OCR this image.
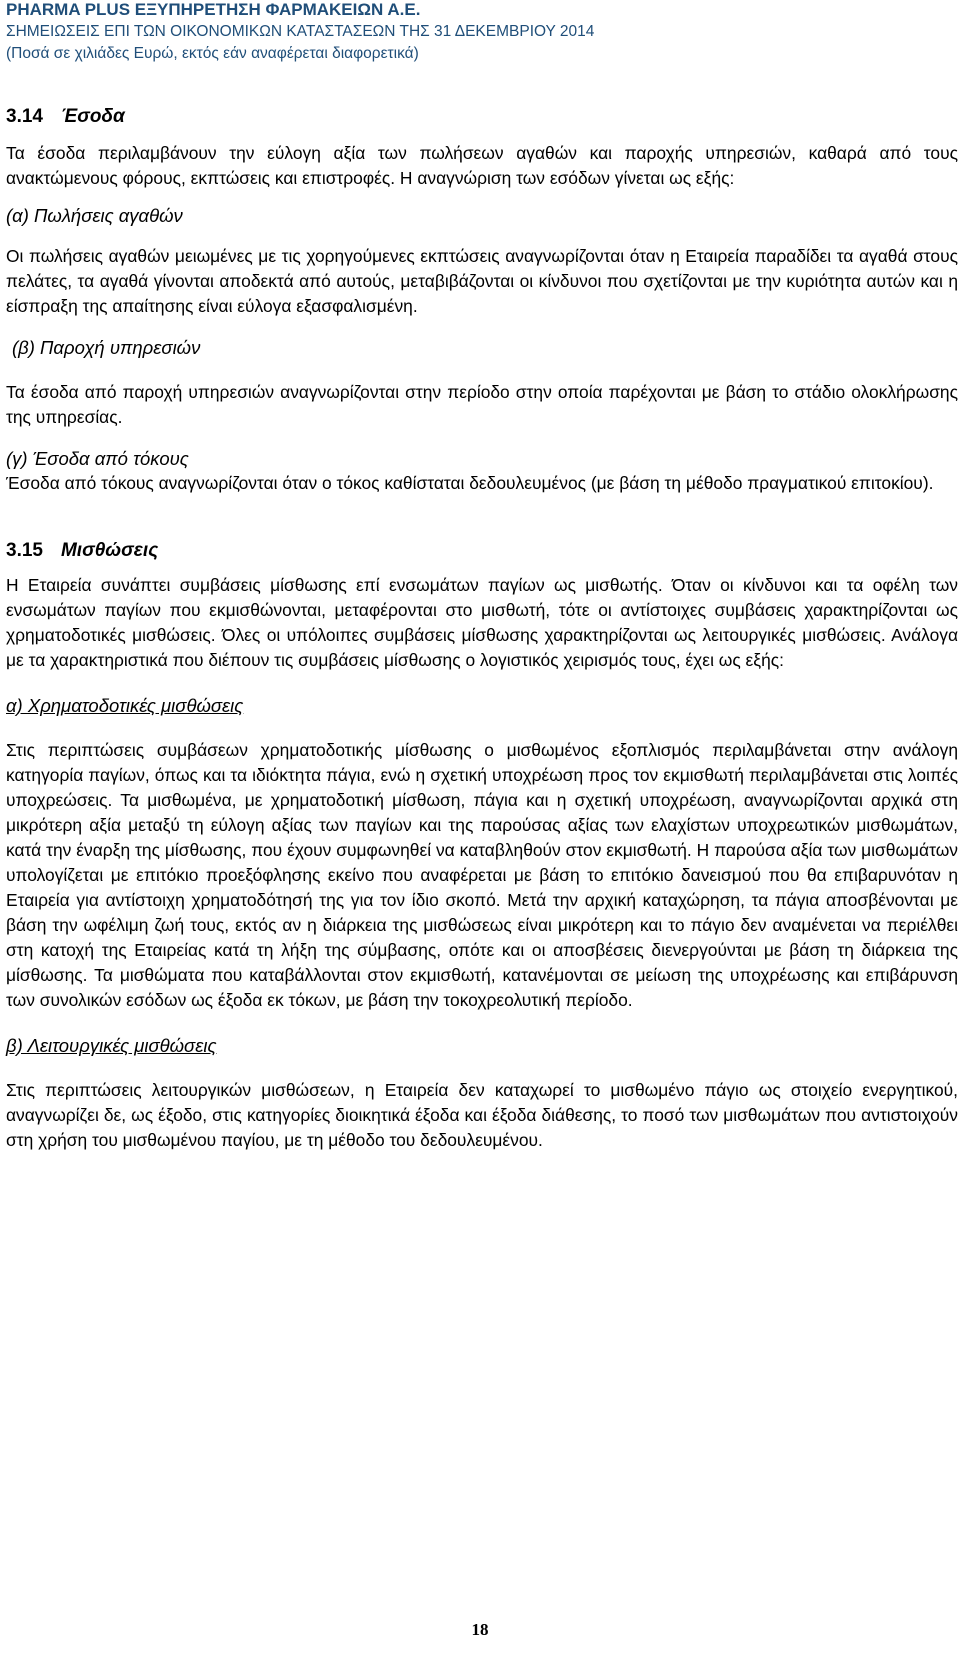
PHARMA PLUS ΕΞΥΠΗΡΕΤΗΣΗ ΦΑΡΜΑΚΕΙΩΝ Α.Ε.
ΣΗΜΕΙΩΣΕΙΣ ΕΠΙ ΤΩΝ ΟΙΚΟΝΟΜΙΚΩΝ ΚΑΤΑΣΤΑΣΕΩΝ ΤΗΣ 31 ΔΕΚΕΜΒΡΙΟΥ 2014
(Ποσά σε χιλιάδες Ευρώ, εκτός εάν αναφέρεται διαφορετικά)
3.14 Έσοδα

Τα έσοδα περιλαμβάνουν την εύλογη αξία των πωλήσεων αγαθών και παροχής υπηρεσιών, καθαρά από τους ανακτώμενους φόρους, εκπτώσεις και επιστροφές. Η αναγνώριση των εσόδων γίνεται ως εξής:

(α) Πωλήσεις αγαθών

Οι πωλήσεις αγαθών μειωμένες με τις χορηγούμενες εκπτώσεις αναγνωρίζονται όταν η Εταιρεία παραδίδει τα αγαθά στους πελάτες, τα αγαθά γίνονται αποδεκτά από αυτούς, μεταβιβάζονται οι κίνδυνοι που σχετίζονται με την κυριότητα αυτών και η είσπραξη της απαίτησης είναι εύλογα εξασφαλισμένη.

(β) Παροχή υπηρεσιών

Τα έσοδα από παροχή υπηρεσιών αναγνωρίζονται στην περίοδο στην οποία παρέχονται με βάση το στάδιο ολοκλήρωσης της υπηρεσίας.

(γ) Έσοδα από τόκους

Έσοδα από τόκους αναγνωρίζονται όταν ο τόκος καθίσταται δεδουλευμένος (με βάση τη μέθοδο πραγματικού επιτοκίου).

3.15 Μισθώσεις

Η Εταιρεία συνάπτει συμβάσεις μίσθωσης επί ενσωμάτων παγίων ως μισθωτής. Όταν οι κίνδυνοι και τα οφέλη των ενσωμάτων παγίων που εκμισθώνονται, μεταφέρονται στο μισθωτή, τότε οι αντίστοιχες συμβάσεις χαρακτηρίζονται ως χρηματοδοτικές μισθώσεις. Όλες οι υπόλοιπες συμβάσεις μίσθωσης χαρακτηρίζονται ως λειτουργικές μισθώσεις. Ανάλογα με τα χαρακτηριστικά που διέπουν τις συμβάσεις μίσθωσης ο λογιστικός χειρισμός τους, έχει ως εξής:

α) Χρηματοδοτικές μισθώσεις

Στις περιπτώσεις συμβάσεων χρηματοδοτικής μίσθωσης ο μισθωμένος εξοπλισμός περιλαμβάνεται στην ανάλογη κατηγορία παγίων, όπως και τα ιδιόκτητα πάγια, ενώ η σχετική υποχρέωση προς τον εκμισθωτή περιλαμβάνεται στις λοιπές υποχρεώσεις. Τα μισθωμένα, με χρηματοδοτική μίσθωση, πάγια και η σχετική υποχρέωση, αναγνωρίζονται αρχικά στη μικρότερη αξία μεταξύ τη εύλογη αξίας των παγίων και της παρούσας αξίας των ελαχίστων υποχρεωτικών μισθωμάτων, κατά την έναρξη της μίσθωσης, που έχουν συμφωνηθεί να καταβληθούν στον εκμισθωτή. Η παρούσα αξία των μισθωμάτων υπολογίζεται με επιτόκιο προεξόφλησης εκείνο που αναφέρεται με βάση το επιτόκιο δανεισμού που θα επιβαρυνόταν η Εταιρεία για αντίστοιχη χρηματοδότησή της για τον ίδιο σκοπό. Μετά την αρχική καταχώρηση, τα πάγια αποσβένονται με βάση την ωφέλιμη ζωή τους, εκτός αν η διάρκεια της μισθώσεως είναι μικρότερη και το πάγιο δεν αναμένεται να περιέλθει στη κατοχή της Εταιρείας κατά τη λήξη της σύμβασης, οπότε και οι αποσβέσεις διενεργούνται με βάση τη διάρκεια της μίσθωσης. Τα μισθώματα που καταβάλλονται στον εκμισθωτή, κατανέμονται σε μείωση της υποχρέωσης και επιβάρυνση των συνολικών εσόδων ως έξοδα εκ τόκων, με βάση την τοκοχρεολυτική περίοδο.

β) Λειτουργικές μισθώσεις

Στις περιπτώσεις λειτουργικών μισθώσεων, η Εταιρεία δεν καταχωρεί το μισθωμένο πάγιο ως στοιχείο ενεργητικού, αναγνωρίζει δε, ως έξοδο, στις κατηγορίες διοικητικά έξοδα και έξοδα διάθεσης, το ποσό των μισθωμάτων που αντιστοιχούν στη χρήση του μισθωμένου παγίου, με τη μέθοδο του δεδουλευμένου.

18
